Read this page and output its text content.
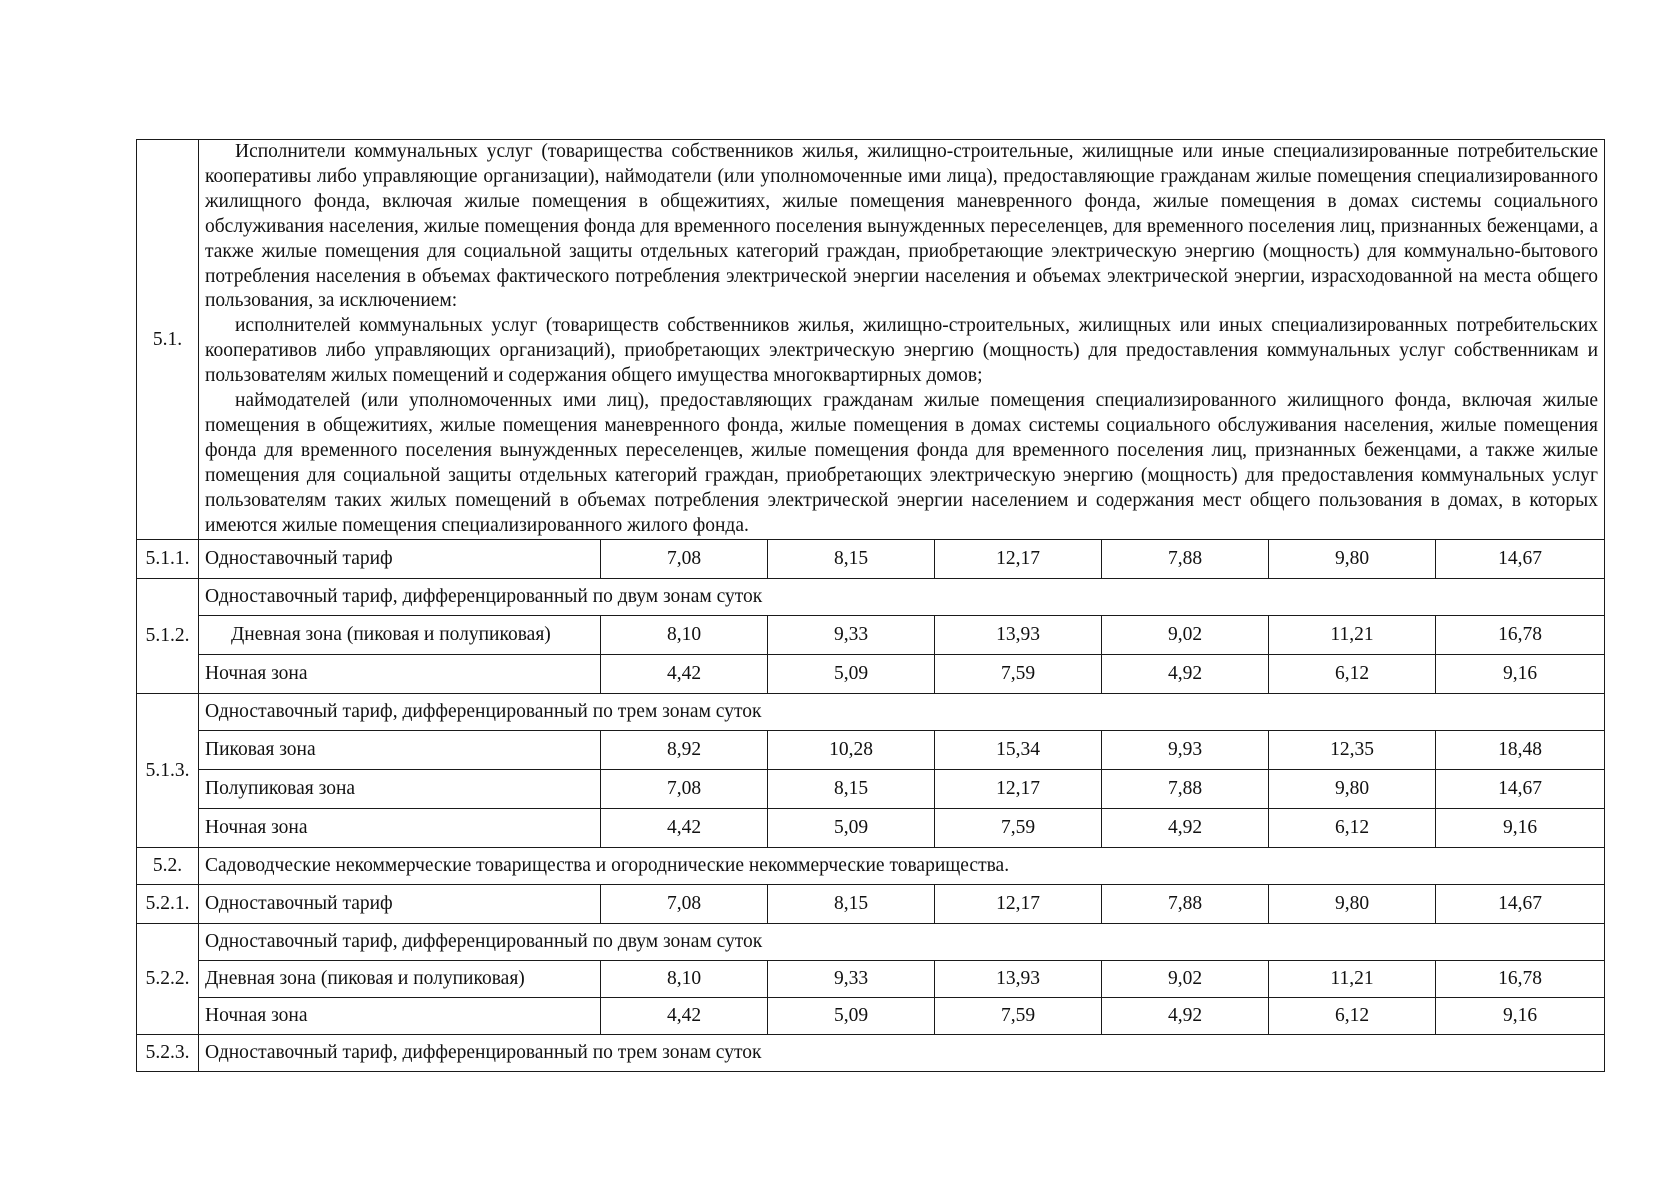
5.1.	Исполнители коммунальных услуг (товарищества собственников жилья, жилищно-строительные, жилищные или иные специализированные потребительские кооперативы либо управляющие организации), наймодатели (или уполномоченные ими лица), предоставляющие гражданам жилые помещения специализированного жилищного фонда, включая жилые помещения в общежитиях, жилые помещения маневренного фонда, жилые помещения в домах системы социального обслуживания населения, жилые помещения фонда для временного поселения вынужденных переселенцев, для временного поселения лиц, признанных беженцами, а также жилые помещения для социальной защиты отдельных категорий граждан, приобретающие электрическую энергию (мощность) для коммунально-бытового потребления населения в объемах фактического потребления электрической энергии населения и объемах электрической энергии, израсходованной на места общего пользования, за исключением:

исполнителей коммунальных услуг (товариществ собственников жилья, жилищно-строительных, жилищных или иных специализированных потребительских кооперативов либо управляющих организаций), приобретающих электрическую энергию (мощность) для предоставления коммунальных услуг собственникам и пользователям жилых помещений и содержания общего имущества многоквартирных домов;

наймодателей (или уполномоченных ими лиц), предоставляющих гражданам жилые помещения специализированного жилищного фонда, включая жилые помещения в общежитиях, жилые помещения маневренного фонда, жилые помещения в домах системы социального обслуживания населения, жилые помещения фонда для временного поселения вынужденных переселенцев, жилые помещения фонда для временного поселения лиц, признанных беженцами, а также жилые помещения для социальной защиты отдельных категорий граждан, приобретающих электрическую энергию (мощность) для предоставления коммунальных услуг пользователям таких жилых помещений в объемах потребления электрической энергии населением и содержания мест общего пользования в домах, в которых имеются жилые помещения специализированного жилого фонда.						

5.1.1.	Одноставочный тариф	7,08	8,15	12,17	7,88	9,80	14,67
5.1.2.	Одноставочный тариф, дифференцированный по двум зонам суток						
	Дневная зона (пиковая и полупиковая)	8,10	9,33	13,93	9,02	11,21	16,78
	Ночная зона	4,42	5,09	7,59	4,92	6,12	9,16
5.1.3.	Одноставочный тариф, дифференцированный по трем зонам суток						
	Пиковая зона	8,92	10,28	15,34	9,93	12,35	18,48
	Полупиковая зона	7,08	8,15	12,17	7,88	9,80	14,67
	Ночная зона	4,42	5,09	7,59	4,92	6,12	9,16
5.2.	Садоводческие некоммерческие товарищества и огороднические некоммерческие товарищества.						
5.2.1.	Одноставочный тариф	7,08	8,15	12,17	7,88	9,80	14,67
5.2.2.	Одноставочный тариф, дифференцированный по двум зонам суток						
	Дневная зона (пиковая и полупиковая)	8,10	9,33	13,93	9,02	11,21	16,78
	Ночная зона	4,42	5,09	7,59	4,92	6,12	9,16
5.2.3.	Одноставочный тариф, дифференцированный по трем зонам суток						
